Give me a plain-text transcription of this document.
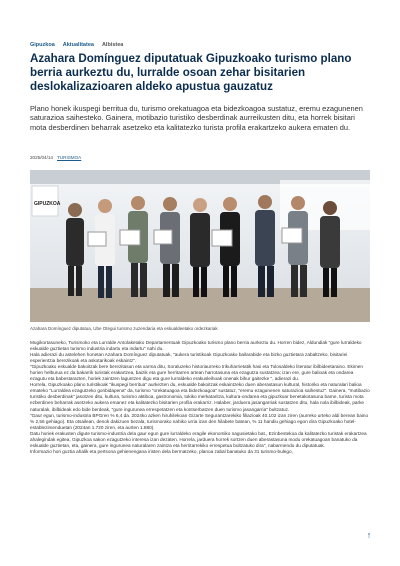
Gipuzkoa Aktualitatea Albistea
Azahara Domínguez diputatuak Gipuzkoako turismo plano berria aurkeztu du, lurralde osoan zehar bisitarien deslokalizazioaren aldeko apustua gauzatuz

Plano honek ikuspegi berritua du, turismo orekatuagoa eta bidezkoagoa sustatuz, eremu ezagunenen saturazioa saihesteko. Gainera, motibazio turistiko desberdinak aurreikusten ditu, eta horrek bisitari mota desberdinen beharrak asetzeko eta kalitatezko turista profila erakartzeko aukera ematen du.

2025/04/14 TURISMOA
GIPUZKOA
Azahara Domínguez diputatua, Ube Otegui turismo zuzendaria eta eskualdeetako ordezkariak

Mugikortasuneko, Turismoko eta Lurralde Antolaketako Departamentuak Gipuzkoako turismo plano berria aurkeztu du. Horren bidez, Aldundiak "gure lurraldeko eskualde guztietan turismo industria indartu eta indartu" nahi du.

Hala adierazi du astelehen honetan Azahara Domínguez diputatuak, "aukera turistikoak Gipuzkoako bailarabide eta bizko guztietara zabaltzeko, bisitariei esperientzia berezikoak eta askotarikoak eskaintz".

"Gipuzkoako eskualde bakoitzak bere berezitasun eta xarma ditu, Soraluzeko historiaurreko trikuharrietatik hasi eta Tolosaldeko literatur ibilbideetaraino. Ekimen horien helburua ez da bakarrik turistak erakartzea, baizik eta gure herritarren artean harrotasuna eta ezagutza sustatzea; izan ere, gure balioak eta ondarea ezagutu eta babestarazten, horiek zaintzen laguntzen digu eta gure lurraldeko erakusleihoak onenak bihur gaitezke ", adierazi du.

Horrela, Gipuzkoako plano turistikoak "ikuspegi berritua" aurkezten du, eskualde bakoitzak eskaintzeko duen aberastasun kultural, historiko eta naturalari balioa emateko "Lurraldea ezagutzeko gonbidapena" da, turismo "orekatuagoa eta bidezkoagoa" sustatuz, "eremu ezagunenen saturazioa saihestuz". Gainera, "motibazio turistiko desberdinak" jasotzen ditu, kultura, turismo aktiboa, gastronomia, tokiko merkataritza, kultura-ondarea eta gipuzkoar benetakotasuna barne, turista mota ezberdinen beharrak asetzeko aukera emanez eta kalitatezko bisitarien profila erakarriz. Halaber, jarduera jasangarriak sustatzen ditu, hala nola ibilbideak, parke naturalak, ibilbideak edo bide berdeak, "gure ingurunea errespetatzen eta kontserbatzen duen turismo jasangarria" bultzatuz.

"Gaur egun, turismo-industria BPGren % 6,4 da. 2024ko azken hiruhilekoan Gizarte Segurantzarekiko filiazioak 40.102 izan ziren (aurreko urteko aldi berean baino % 2,56 gehiago). Eta otsailean, denok dakizuen bezala, turismorako nahiko urria izan den hilabete batean, % 11 handiu gehiago egon dira Gipuzkoako hotel-establezimenduetan (2024an 1.720 ziren, eta aurten 1.880).

Datu horiek erakusten digute turismo-industria dela gaur egun gure lurraldeko eragile ekonomiko nagusietako bat., Ezinbestekoa da kalitatezko turistak erakartzea ahalegindak egitea, Gipuzkoa sakon ezagutzeko interesa izan dezaten. Horrela, jarduera horrek sortzen duen aberastasuna modu orekatuagoan banatuko da eskualde guztietan, eta, gainera, gure ingurunea naturalaren zaintza eta herritarrekiko errespetua bultzatuko dira", nabarmendu du diputatuak.

Informazio hori guztia ahalik eta pertsona gehienengana iristen dela bermatzeko, planoa zabal banatuko da 31 turismo-bulego,

↑
